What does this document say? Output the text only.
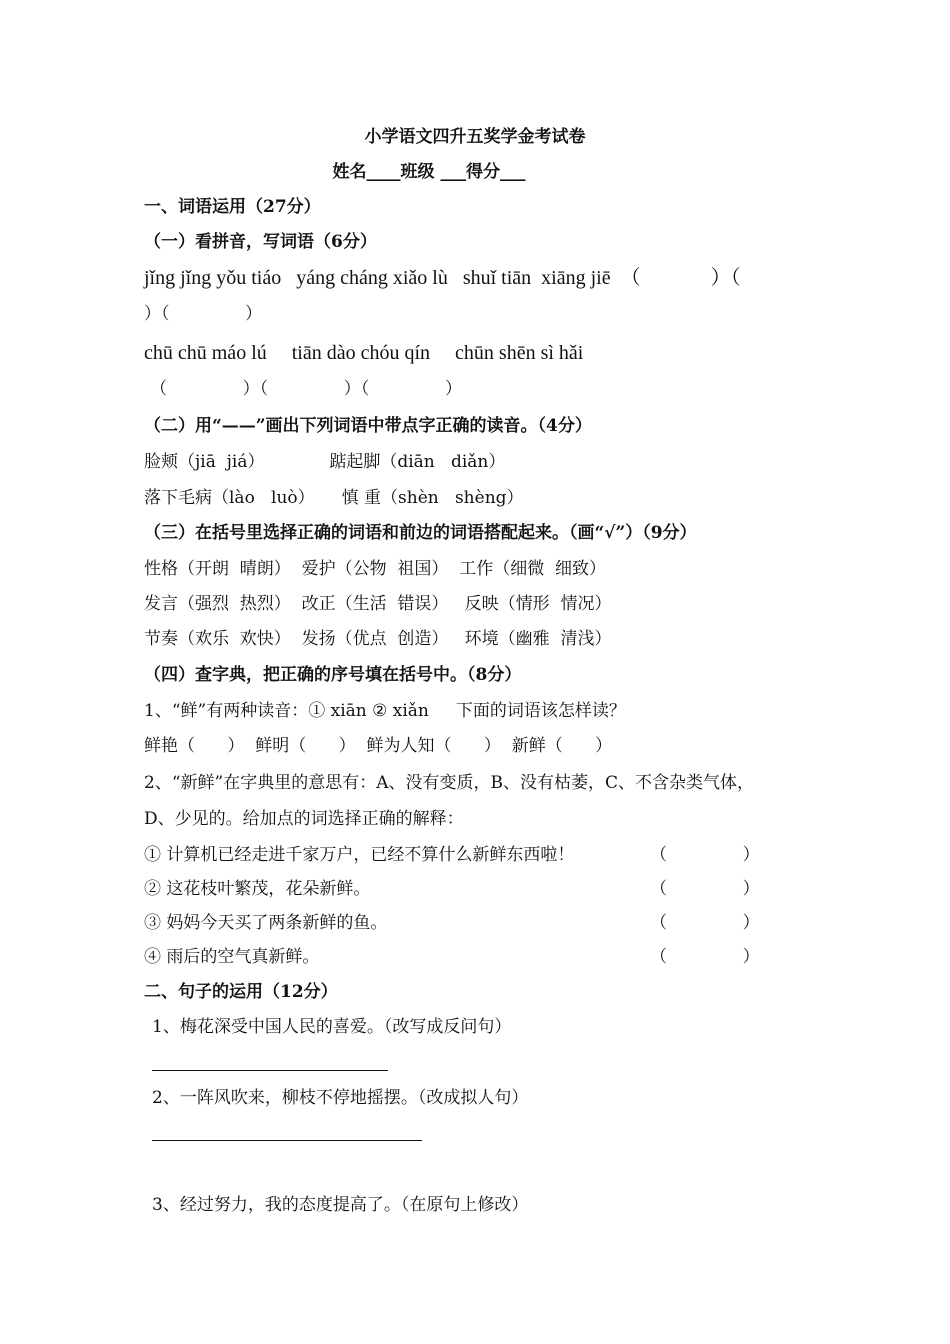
小学语文四升五奖学金考试卷
姓名____班级 ___得分___
一、词语运用（27分）
（一）看拼音，写词语（6分）
jǐng jǐng yǒu tiáo   yáng cháng xiǎo lù   shuǐ tiān  xiāng jiē  （              ）（
）（              ）
chū chū máo lú     tiān dào chóu qín     chūn shēn sì hǎi
（              ）（              ）（              ）
（二）用“——”画出下列词语中带点字正确的读音。（4分）
脸颊（jiā  jiá）            踮起脚（diān   diǎn）
落下毛病（lào   luò）     慎 重（shèn   shèng）
（三）在括号里选择正确的词语和前边的词语搭配起来。（画“√”）（9分）
性格（开朗  晴朗）  爱护（公物  祖国）  工作（细微  细致）
发言（强烈  热烈）  改正（生活  错误）   反映（情形  情况）
节奏（欢乐  欢快）  发扬（优点  创造）   环境（幽雅  清浅）
（四）查字典，把正确的序号填在括号中。（8分）
1、“鲜”有两种读音：① xiān ② xiǎn     下面的词语该怎样读？
鲜艳（      ）  鲜明（      ）  鲜为人知（      ）  新鲜（      ）
2、“新鲜”在字典里的意思有：A、没有变质，B、没有枯萎，C、不含杂类气体，
D、少见的。给加点的词选择正确的解释：
① 计算机已经走进千家万户，已经不算什么新鲜东西啦！	（              ）
② 这花枝叶繁茂，花朵新鲜。	（              ）
③ 妈妈今天买了两条新鲜的鱼。	（              ）
④ 雨后的空气真新鲜。	（              ）
二、句子的运用（12分）
1、梅花深受中国人民的喜爱。（改写成反问句）
2、一阵风吹来，柳枝不停地摇摆。（改成拟人句）
3、经过努力，我的态度提高了。（在原句上修改）
